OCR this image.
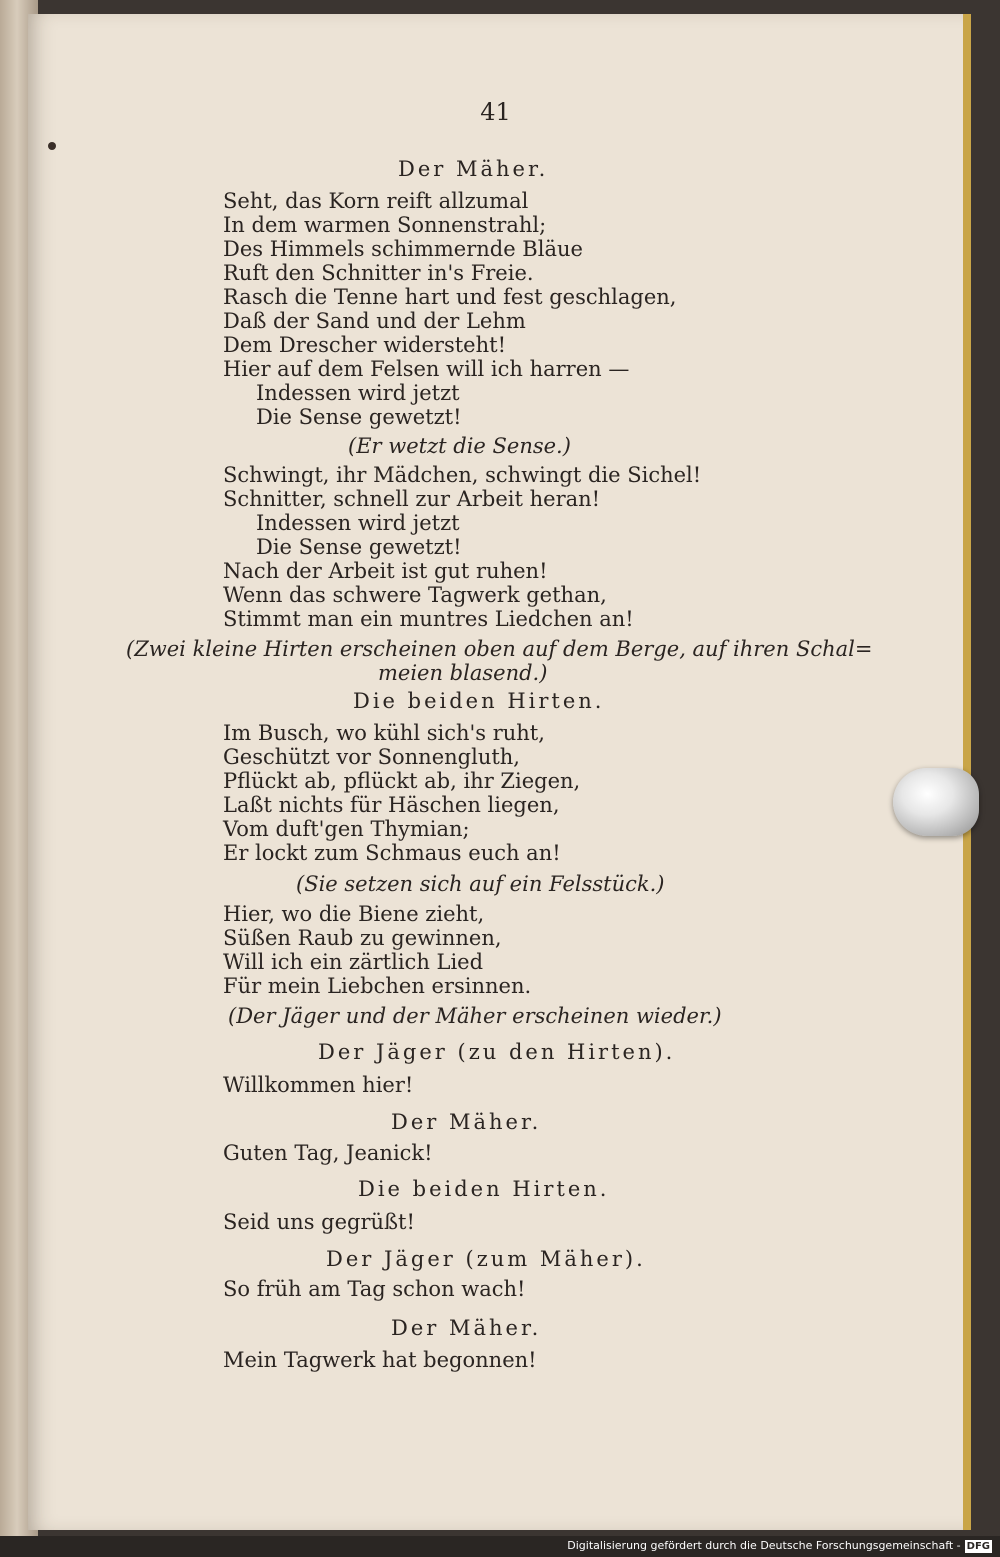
41
Der Mäher.
Seht, das Korn reift allzumal
In dem warmen Sonnenstrahl;
Des Himmels schimmernde Bläue
Ruft den Schnitter in's Freie.
Rasch die Tenne hart und fest geschlagen,
Daß der Sand und der Lehm
Dem Drescher widersteht!
Hier auf dem Felsen will ich harren —
Indessen wird jetzt
Die Sense gewetzt!
(Er wetzt die Sense.)
Schwingt, ihr Mädchen, schwingt die Sichel!
Schnitter, schnell zur Arbeit heran!
Indessen wird jetzt
Die Sense gewetzt!
Nach der Arbeit ist gut ruhen!
Wenn das schwere Tagwerk gethan,
Stimmt man ein muntres Liedchen an!
(Zwei kleine Hirten erscheinen oben auf dem Berge, auf ihren Schal=
meien blasend.)
Die beiden Hirten.
Im Busch, wo kühl sich's ruht,
Geschützt vor Sonnengluth,
Pflückt ab, pflückt ab, ihr Ziegen,
Laßt nichts für Häschen liegen,
Vom duft'gen Thymian;
Er lockt zum Schmaus euch an!
(Sie setzen sich auf ein Felsstück.)
Hier, wo die Biene zieht,
Süßen Raub zu gewinnen,
Will ich ein zärtlich Lied
Für mein Liebchen ersinnen.
(Der Jäger und der Mäher erscheinen wieder.)
Der Jäger (zu den Hirten).
Willkommen hier!
Der Mäher.
Guten Tag, Jeanick!
Die beiden Hirten.
Seid uns gegrüßt!
Der Jäger (zum Mäher).
So früh am Tag schon wach!
Der Mäher.
Mein Tagwerk hat begonnen!
Digitalisierung gefördert durch die Deutsche Forschungsgemeinschaft - DFG
